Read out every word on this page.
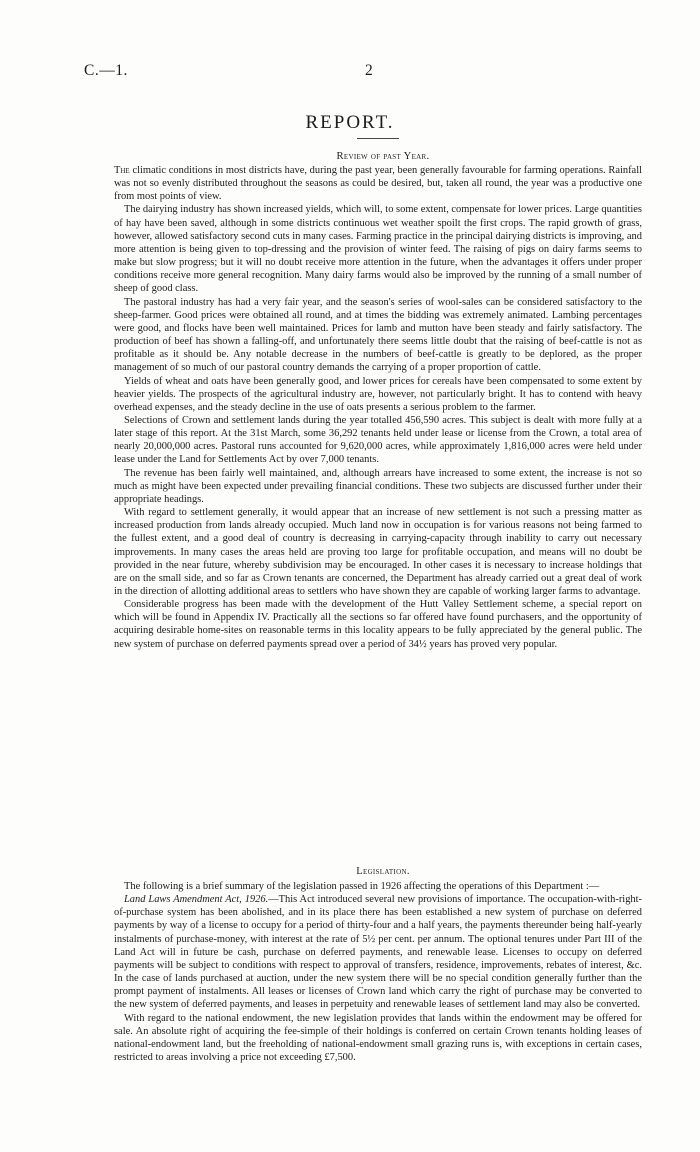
C.—1.	2
REPORT.
Review of past Year.

The climatic conditions in most districts have, during the past year, been generally favourable for farming operations. Rainfall was not so evenly distributed throughout the seasons as could be desired, but, taken all round, the year was a productive one from most points of view.

The dairying industry has shown increased yields, which will, to some extent, compensate for lower prices. Large quantities of hay have been saved, although in some districts continuous wet weather spoilt the first crops. The rapid growth of grass, however, allowed satisfactory second cuts in many cases. Farming practice in the principal dairying districts is improving, and more attention is being given to top-dressing and the provision of winter feed. The raising of pigs on dairy farms seems to make but slow progress; but it will no doubt receive more attention in the future, when the advantages it offers under proper conditions receive more general recognition. Many dairy farms would also be improved by the running of a small number of sheep of good class.

The pastoral industry has had a very fair year, and the season's series of wool-sales can be considered satisfactory to the sheep-farmer. Good prices were obtained all round, and at times the bidding was extremely animated. Lambing percentages were good, and flocks have been well maintained. Prices for lamb and mutton have been steady and fairly satisfactory. The production of beef has shown a falling-off, and unfortunately there seems little doubt that the raising of beef-cattle is not as profitable as it should be. Any notable decrease in the numbers of beef-cattle is greatly to be deplored, as the proper management of so much of our pastoral country demands the carrying of a proper proportion of cattle.

Yields of wheat and oats have been generally good, and lower prices for cereals have been compensated to some extent by heavier yields. The prospects of the agricultural industry are, however, not particularly bright. It has to contend with heavy overhead expenses, and the steady decline in the use of oats presents a serious problem to the farmer.

Selections of Crown and settlement lands during the year totalled 456,590 acres. This subject is dealt with more fully at a later stage of this report. At the 31st March, some 36,292 tenants held under lease or license from the Crown, a total area of nearly 20,000,000 acres. Pastoral runs accounted for 9,620,000 acres, while approximately 1,816,000 acres were held under lease under the Land for Settlements Act by over 7,000 tenants.

The revenue has been fairly well maintained, and, although arrears have increased to some extent, the increase is not so much as might have been expected under prevailing financial conditions. These two subjects are discussed further under their appropriate headings.

With regard to settlement generally, it would appear that an increase of new settlement is not such a pressing matter as increased production from lands already occupied. Much land now in occupation is for various reasons not being farmed to the fullest extent, and a good deal of country is decreasing in carrying-capacity through inability to carry out necessary improvements. In many cases the areas held are proving too large for profitable occupation, and means will no doubt be provided in the near future, whereby subdivision may be encouraged. In other cases it is necessary to increase holdings that are on the small side, and so far as Crown tenants are concerned, the Department has already carried out a great deal of work in the direction of allotting additional areas to settlers who have shown they are capable of working larger farms to advantage.

Considerable progress has been made with the development of the Hutt Valley Settlement scheme, a special report on which will be found in Appendix IV. Practically all the sections so far offered have found purchasers, and the opportunity of acquiring desirable home-sites on reasonable terms in this locality appears to be fully appreciated by the general public. The new system of purchase on deferred payments spread over a period of 34½ years has proved very popular.

Legislation.

The following is a brief summary of the legislation passed in 1926 affecting the operations of this Department :—

Land Laws Amendment Act, 1926.—This Act introduced several new provisions of importance. The occupation-with-right-of-purchase system has been abolished, and in its place there has been established a new system of purchase on deferred payments by way of a license to occupy for a period of thirty-four and a half years, the payments thereunder being half-yearly instalments of purchase-money, with interest at the rate of 5½ per cent. per annum. The optional tenures under Part III of the Land Act will in future be cash, purchase on deferred payments, and renewable lease. Licenses to occupy on deferred payments will be subject to conditions with respect to approval of transfers, residence, improvements, rebates of interest, &c. In the case of lands purchased at auction, under the new system there will be no special condition generally further than the prompt payment of instalments. All leases or licenses of Crown land which carry the right of purchase may be converted to the new system of deferred payments, and leases in perpetuity and renewable leases of settlement land may also be converted.

With regard to the national endowment, the new legislation provides that lands within the endowment may be offered for sale. An absolute right of acquiring the fee-simple of their holdings is conferred on certain Crown tenants holding leases of national-endowment land, but the freeholding of national-endowment small grazing runs is, with exceptions in certain cases, restricted to areas involving a price not exceeding £7,500.
